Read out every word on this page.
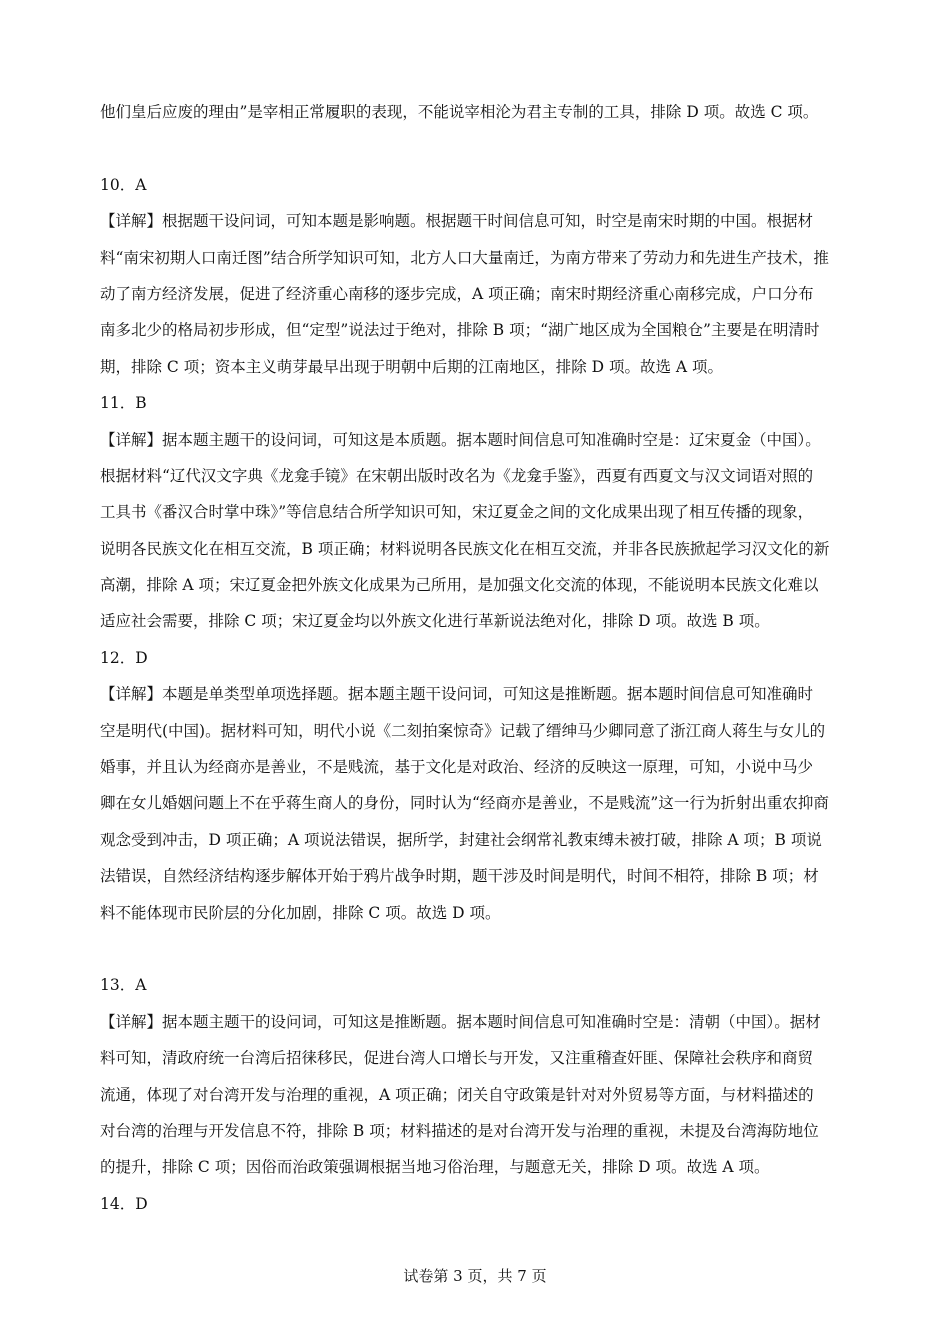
他们皇后应废的理由”是宰相正常履职的表现，不能说宰相沦为君主专制的工具，排除 D 项。故选 C 项。
10．A
【详解】根据题干设问词，可知本题是影响题。根据题干时间信息可知，时空是南宋时期的中国。根据材
料“南宋初期人口南迁图”结合所学知识可知，北方人口大量南迁，为南方带来了劳动力和先进生产技术，推
动了南方经济发展，促进了经济重心南移的逐步完成，A 项正确；南宋时期经济重心南移完成，户口分布
南多北少的格局初步形成，但“定型”说法过于绝对，排除 B 项；“湖广地区成为全国粮仓”主要是在明清时
期，排除 C 项；资本主义萌芽最早出现于明朝中后期的江南地区，排除 D 项。故选 A 项。
11．B
【详解】据本题主题干的设问词，可知这是本质题。据本题时间信息可知准确时空是：辽宋夏金（中国）。
根据材料“辽代汉文字典《龙龛手镜》在宋朝出版时改名为《龙龛手鉴》，西夏有西夏文与汉文词语对照的
工具书《番汉合时掌中珠》”等信息结合所学知识可知，宋辽夏金之间的文化成果出现了相互传播的现象，
说明各民族文化在相互交流，B 项正确；材料说明各民族文化在相互交流，并非各民族掀起学习汉文化的新
高潮，排除 A 项；宋辽夏金把外族文化成果为己所用，是加强文化交流的体现，不能说明本民族文化难以
适应社会需要，排除 C 项；宋辽夏金均以外族文化进行革新说法绝对化，排除 D 项。故选 B 项。
12．D
【详解】本题是单类型单项选择题。据本题主题干设问词，可知这是推断题。据本题时间信息可知准确时
空是明代(中国)。据材料可知，明代小说《二刻拍案惊奇》记载了缙绅马少卿同意了浙江商人蒋生与女儿的
婚事，并且认为经商亦是善业，不是贱流，基于文化是对政治、经济的反映这一原理，可知，小说中马少
卿在女儿婚姻问题上不在乎蒋生商人的身份，同时认为“经商亦是善业，不是贱流”这一行为折射出重农抑商
观念受到冲击，D 项正确；A 项说法错误，据所学，封建社会纲常礼教束缚未被打破，排除 A 项；B 项说
法错误，自然经济结构逐步解体开始于鸦片战争时期，题干涉及时间是明代，时间不相符，排除 B 项；材
料不能体现市民阶层的分化加剧，排除 C 项。故选 D 项。
13．A
【详解】据本题主题干的设问词，可知这是推断题。据本题时间信息可知准确时空是：清朝（中国）。据材
料可知，清政府统一台湾后招徕移民，促进台湾人口增长与开发，又注重稽查奸匪、保障社会秩序和商贸
流通，体现了对台湾开发与治理的重视，A 项正确；闭关自守政策是针对对外贸易等方面，与材料描述的
对台湾的治理与开发信息不符，排除 B 项；材料描述的是对台湾开发与治理的重视，未提及台湾海防地位
的提升，排除 C 项；因俗而治政策强调根据当地习俗治理，与题意无关，排除 D 项。故选 A 项。
14．D
试卷第 3 页，共 7 页
